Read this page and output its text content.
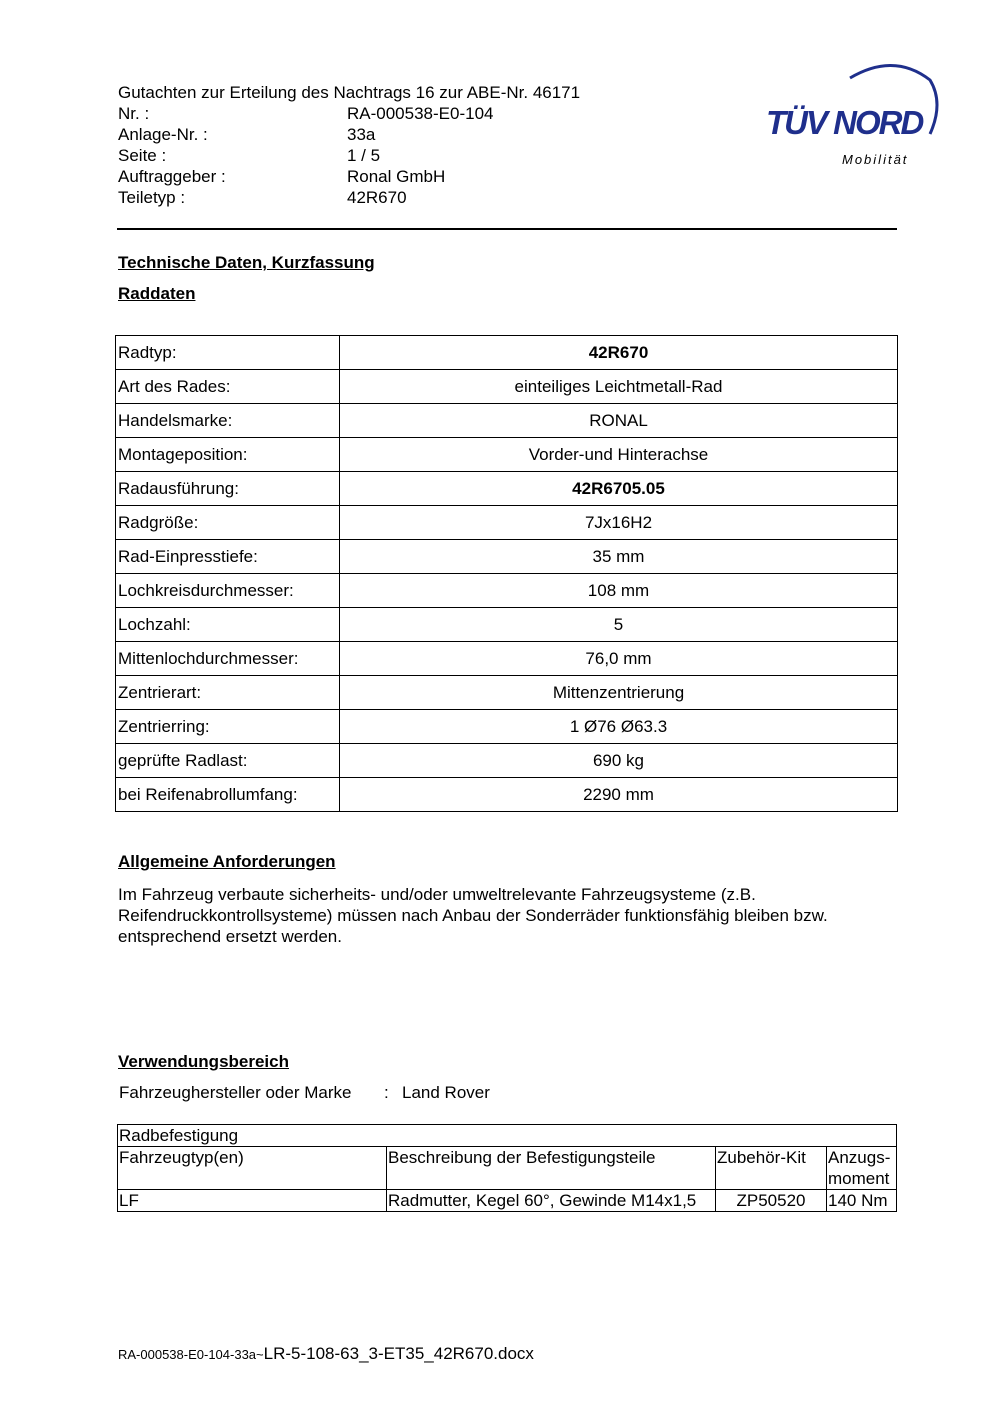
Gutachten zur Erteilung des Nachtrags 16 zur ABE-Nr. 46171
Nr. :	RA-000538-E0-104
Anlage-Nr. :	33a
Seite :	1 / 5
Auftraggeber :	Ronal GmbH
Teiletyp :	42R670
TÜV NORD
Mobilität
Technische Daten, Kurzfassung
Raddaten
Radtyp:	42R670
Art des Rades:	einteiliges Leichtmetall-Rad
Handelsmarke:	RONAL
Montageposition:	Vorder-und Hinterachse
Radausführung:	42R6705.05
Radgröße:	7Jx16H2
Rad-Einpresstiefe:	35 mm
Lochkreisdurchmesser:	108 mm
Lochzahl:	5
Mittenlochdurchmesser:	76,0 mm
Zentrierart:	Mittenzentrierung
Zentrierring:	1 Ø76 Ø63.3
geprüfte Radlast:	690 kg
bei Reifenabrollumfang:	2290 mm
Allgemeine Anforderungen
Im Fahrzeug verbaute sicherheits- und/oder umweltrelevante Fahrzeugsysteme (z.B. Reifendruckkontrollsysteme) müssen nach Anbau der Sonderräder funktionsfähig bleiben bzw. entsprechend ersetzt werden.
Verwendungsbereich
Fahrzeughersteller oder Marke : Land Rover
Radbefestigung			
Fahrzeugtyp(en)	Beschreibung der Befestigungsteile	Zubehör-Kit	Anzugs-moment
LF	Radmutter, Kegel 60°, Gewinde M14x1,5	ZP50520	140 Nm
RA-000538-E0-104-33a~LR-5-108-63_3-ET35_42R670.docx
